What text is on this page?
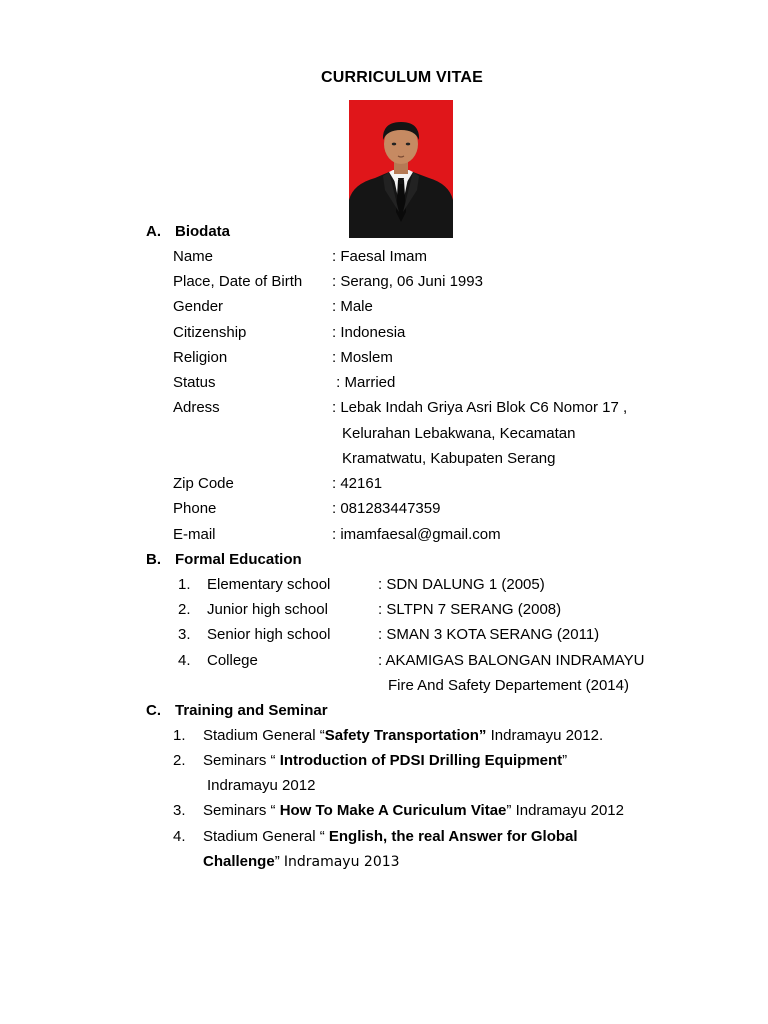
CURRICULUM VITAE
A. Biodata
Name	: Faesal Imam
Place, Date of Birth : Serang, 06 Juni 1993
Gender	: Male
Citizenship	: Indonesia
Religion	: Moslem
Status	: Married
Adress	: Lebak Indah Griya Asri Blok C6 Nomor 17 ,
Kelurahan Lebakwana, Kecamatan
Kramatwatu, Kabupaten Serang
Zip Code	: 42161
Phone	: 081283447359
E-mail	: imamfaesal@gmail.com
B. Formal Education
1. Elementary school	: SDN DALUNG 1 (2005)
2. Junior high school	: SLTPN 7 SERANG (2008)
3. Senior high school	: SMAN 3 KOTA SERANG (2011)
4. College	: AKAMIGAS BALONGAN INDRAMAYU
Fire And Safety Departement (2014)
C. Training and Seminar
1. Stadium General “Safety Transportation” Indramayu 2012.
2. Seminars “ Introduction of PDSI Drilling Equipment”
Indramayu 2012
3. Seminars “ How To Make A Curiculum Vitae” Indramayu 2012
4. Stadium General “ English, the real Answer for Global
Challenge” Indramayu 2013
